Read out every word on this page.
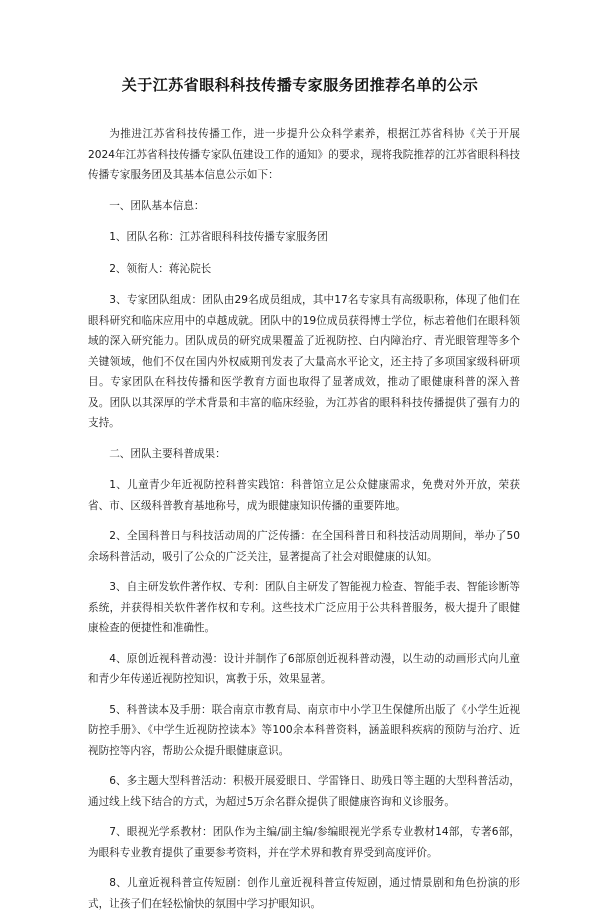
关于江苏省眼科科技传播专家服务团推荐名单的公示

为推进江苏省科技传播工作，进一步提升公众科学素养，根据江苏省科协《关于开展2024年江苏省科技传播专家队伍建设工作的通知》的要求，现将我院推荐的江苏省眼科科技传播专家服务团及其基本信息公示如下：

一、团队基本信息：

1、团队名称：江苏省眼科科技传播专家服务团

2、领衔人：蒋沁院长

3、专家团队组成：团队由29名成员组成，其中17名专家具有高级职称，体现了他们在眼科研究和临床应用中的卓越成就。团队中的19位成员获得博士学位，标志着他们在眼科领域的深入研究能力。团队成员的研究成果覆盖了近视防控、白内障治疗、青光眼管理等多个关键领域，他们不仅在国内外权威期刊发表了大量高水平论文，还主持了多项国家级科研项目。专家团队在科技传播和医学教育方面也取得了显著成效，推动了眼健康科普的深入普及。团队以其深厚的学术背景和丰富的临床经验，为江苏省的眼科科技传播提供了强有力的支持。

二、团队主要科普成果：

1、儿童青少年近视防控科普实践馆：科普馆立足公众健康需求，免费对外开放，荣获省、市、区级科普教育基地称号，成为眼健康知识传播的重要阵地。

2、全国科普日与科技活动周的广泛传播：在全国科普日和科技活动周期间，举办了50余场科普活动，吸引了公众的广泛关注，显著提高了社会对眼健康的认知。

3、自主研发软件著作权、专利：团队自主研发了智能视力检查、智能手表、智能诊断等系统，并获得相关软件著作权和专利。这些技术广泛应用于公共科普服务，极大提升了眼健康检查的便捷性和准确性。

4、原创近视科普动漫：设计并制作了6部原创近视科普动漫，以生动的动画形式向儿童和青少年传递近视防控知识，寓教于乐，效果显著。

5、科普读本及手册：联合南京市教育局、南京市中小学卫生保健所出版了《小学生近视防控手册》、《中学生近视防控读本》等100余本科普资料，涵盖眼科疾病的预防与治疗、近视防控等内容，帮助公众提升眼健康意识。

6、多主题大型科普活动：积极开展爱眼日、学雷锋日、助残日等主题的大型科普活动，通过线上线下结合的方式，为超过5万余名群众提供了眼健康咨询和义诊服务。

7、眼视光学系教材：团队作为主编/副主编/参编眼视光学系专业教材14部，专著6部，为眼科专业教育提供了重要参考资料，并在学术界和教育界受到高度评价。

8、儿童近视科普宣传短剧：创作儿童近视科普宣传短剧，通过情景剧和角色扮演的形式，让孩子们在轻松愉快的氛围中学习护眼知识。
